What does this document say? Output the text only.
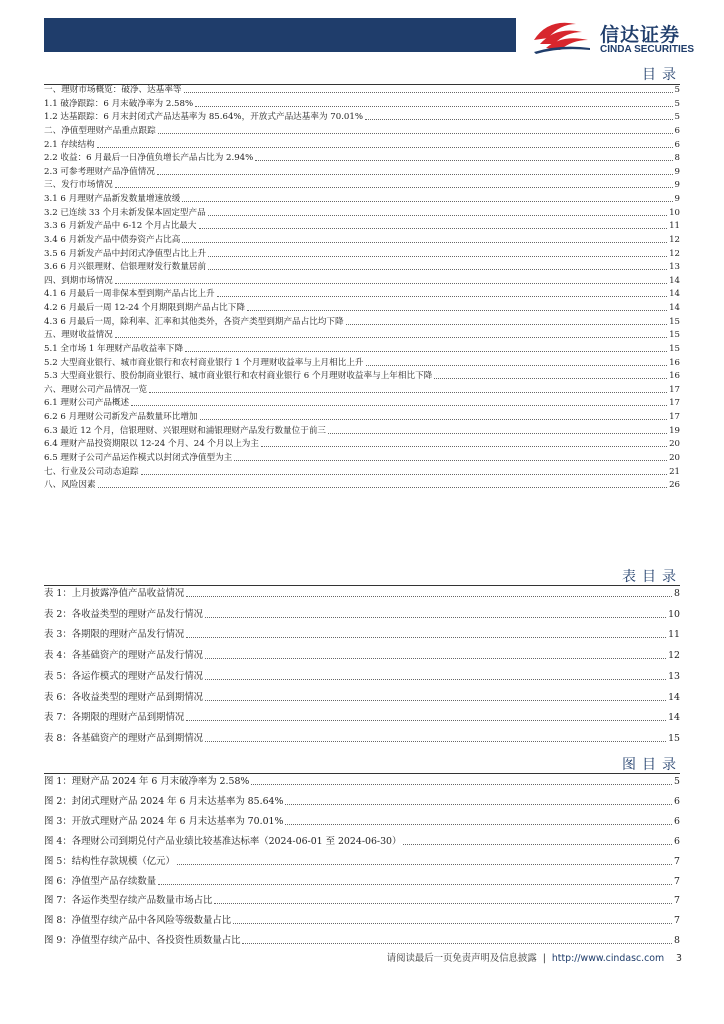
信达证券
CINDA SECURITIES
目录
一、理财市场概览：破净、达基率等	5
1.1 破净跟踪：6 月末破净率为 2.58%	5
1.2 达基跟踪：6 月末封闭式产品达基率为 85.64%，开放式产品达基率为 70.01%	5
二、净值型理财产品重点跟踪	6
2.1 存续结构	6
2.2 收益：6 月最后一日净值负增长产品占比为 2.94%	8
2.3 可参考理财产品净值情况	9
三、发行市场情况	9
3.1 6 月理财产品新发数量增速放缓	9
3.2 已连续 33 个月未新发保本固定型产品	10
3.3 6 月新发产品中 6-12 个月占比最大	11
3.4 6 月新发产品中债券资产占比高	12
3.5 6 月新发产品中封闭式净值型占比上升	12
3.6 6 月兴银理财、信银理财发行数量居前	13
四、到期市场情况	14
4.1 6 月最后一周非保本型到期产品占比上升	14
4.2 6 月最后一周 12-24 个月期限到期产品占比下降	14
4.3 6 月最后一周，除利率、汇率和其他类外，各资产类型到期产品占比均下降	15
五、理财收益情况	15
5.1 全市场 1 年理财产品收益率下降	15
5.2 大型商业银行、城市商业银行和农村商业银行 1 个月理财收益率与上月相比上升	16
5.3 大型商业银行、股份制商业银行、城市商业银行和农村商业银行 6 个月理财收益率与上年相比下降	16
六、理财公司产品情况一览	17
6.1 理财公司产品概述	17
6.2 6 月理财公司新发产品数量环比增加	17
6.3 最近 12 个月，信银理财、兴银理财和浦银理财产品发行数量位于前三	19
6.4 理财产品投资期限以 12-24 个月、24 个月以上为主	20
6.5 理财子公司产品运作模式以封闭式净值型为主	20
七、行业及公司动态追踪	21
八、风险因素	26
表目录
表 1：上月披露净值产品收益情况	8
表 2：各收益类型的理财产品发行情况	10
表 3：各期限的理财产品发行情况	11
表 4：各基础资产的理财产品发行情况	12
表 5：各运作模式的理财产品发行情况	13
表 6：各收益类型的理财产品到期情况	14
表 7：各期限的理财产品到期情况	14
表 8：各基础资产的理财产品到期情况	15
图目录
图 1：理财产品 2024 年 6 月末破净率为 2.58%	5
图 2：封闭式理财产品 2024 年 6 月末达基率为 85.64%	6
图 3：开放式理财产品 2024 年 6 月末达基率为 70.01%	6
图 4：各理财公司到期兑付产品业绩比较基准达标率（2024-06-01 至 2024-06-30）	6
图 5：结构性存款规模（亿元）	7
图 6：净值型产品存续数量	7
图 7：各运作类型存续产品数量市场占比	7
图 8：净值型存续产品中各风险等级数量占比	7
图 9：净值型存续产品中、各投资性质数量占比	8
请阅读最后一页免责声明及信息披露  |  http://www.cindasc.com 3
